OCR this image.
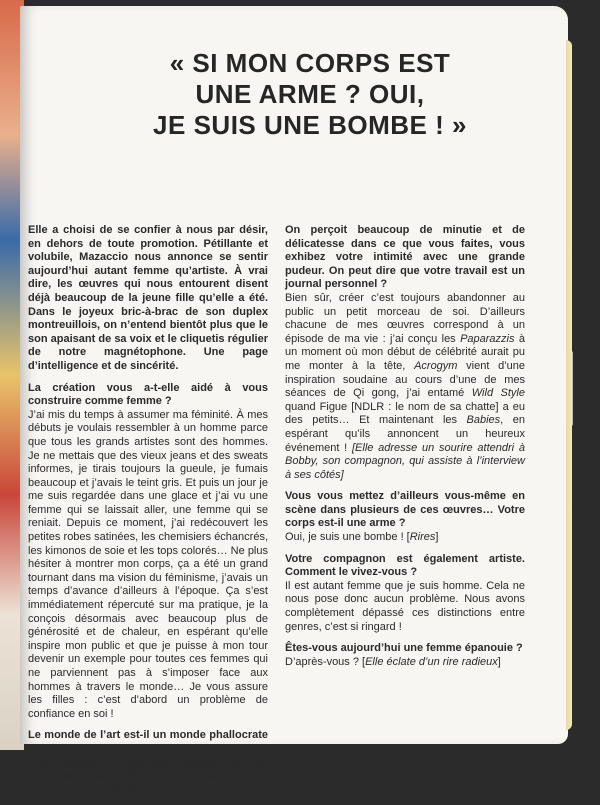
« SI MON CORPS EST
UNE ARME ? OUI,
JE SUIS UNE BOMBE ! »

Elle a choisi de se confier à nous par désir, en dehors de toute promotion. Pétillante et volubile, Mazaccio nous annonce se sentir aujourd’hui autant femme qu’artiste. À vrai dire, les œuvres qui nous entourent disent déjà beaucoup de la jeune fille qu’elle a été. Dans le joyeux bric-à-brac de son duplex montreuillois, on n’entend bientôt plus que le son apaisant de sa voix et le cliquetis régulier de notre magnétophone. Une page d’intelligence et de sincérité.

La création vous a-t-elle aidé à vous construire comme femme ?

J’ai mis du temps à assumer ma féminité. À mes débuts je voulais ressembler à un homme parce que tous les grands artistes sont des hommes. Je ne mettais que des vieux jeans et des sweats informes, je tirais toujours la gueule, je fumais beaucoup et j’avais le teint gris. Et puis un jour je me suis regardée dans une glace et j’ai vu une femme qui se laissait aller, une femme qui se reniait. Depuis ce moment, j’ai redécouvert les petites robes satinées, les chemisiers échancrés, les kimonos de soie et les tops colorés… Ne plus hésiter à montrer mon corps, ça a été un grand tournant dans ma vision du féminisme, j’avais un temps d’avance d’ailleurs à l’époque. Ça s’est immédiatement répercuté sur ma pratique, je la conçois désormais avec beaucoup plus de générosité et de chaleur, en espérant qu’elle inspire mon public et que je puisse à mon tour devenir un exemple pour toutes ces femmes qui ne parviennent pas à s’imposer face aux hommes à travers le monde… Je vous assure les filles : c’est d’abord un problème de confiance en soi !

Le monde de l’art est-il un monde phallocrate ?

[Elle soupire] Croyez-moi, quand on est réconciliée avec sa féminité, on ne se pose plus ce genre de questions.

On perçoit beaucoup de minutie et de délicatesse dans ce que vous faites, vous exhibez votre intimité avec une grande pudeur. On peut dire que votre travail est un journal personnel ?

Bien sûr, créer c’est toujours abandonner au public un petit morceau de soi. D’ailleurs chacune de mes œuvres correspond à un épisode de ma vie : j’ai conçu les Paparazzis à un moment où mon début de célébrité aurait pu me monter à la tête, Acrogym vient d’une inspiration soudaine au cours d’une de mes séances de Qi gong, j’ai entamé Wild Style quand Figue [NDLR : le nom de sa chatte] a eu des petits… Et maintenant les Babies, en espérant qu’ils annoncent un heureux événement ! [Elle adresse un sourire attendri à Bobby, son compagnon, qui assiste à l’interview à ses côtés]

Vous vous mettez d’ailleurs vous-même en scène dans plusieurs de ces œuvres… Votre corps est-il une arme ?

Oui, je suis une bombe ! [Rires]

Votre compagnon est également artiste. Comment le vivez-vous ?

Il est autant femme que je suis homme. Cela ne nous pose donc aucun problème. Nous avons complètement dépassé ces distinctions entre genres, c’est si ringard !

Êtes-vous aujourd’hui une femme épanouie ?

D’après-vous ? [Elle éclate d’un rire radieux]
